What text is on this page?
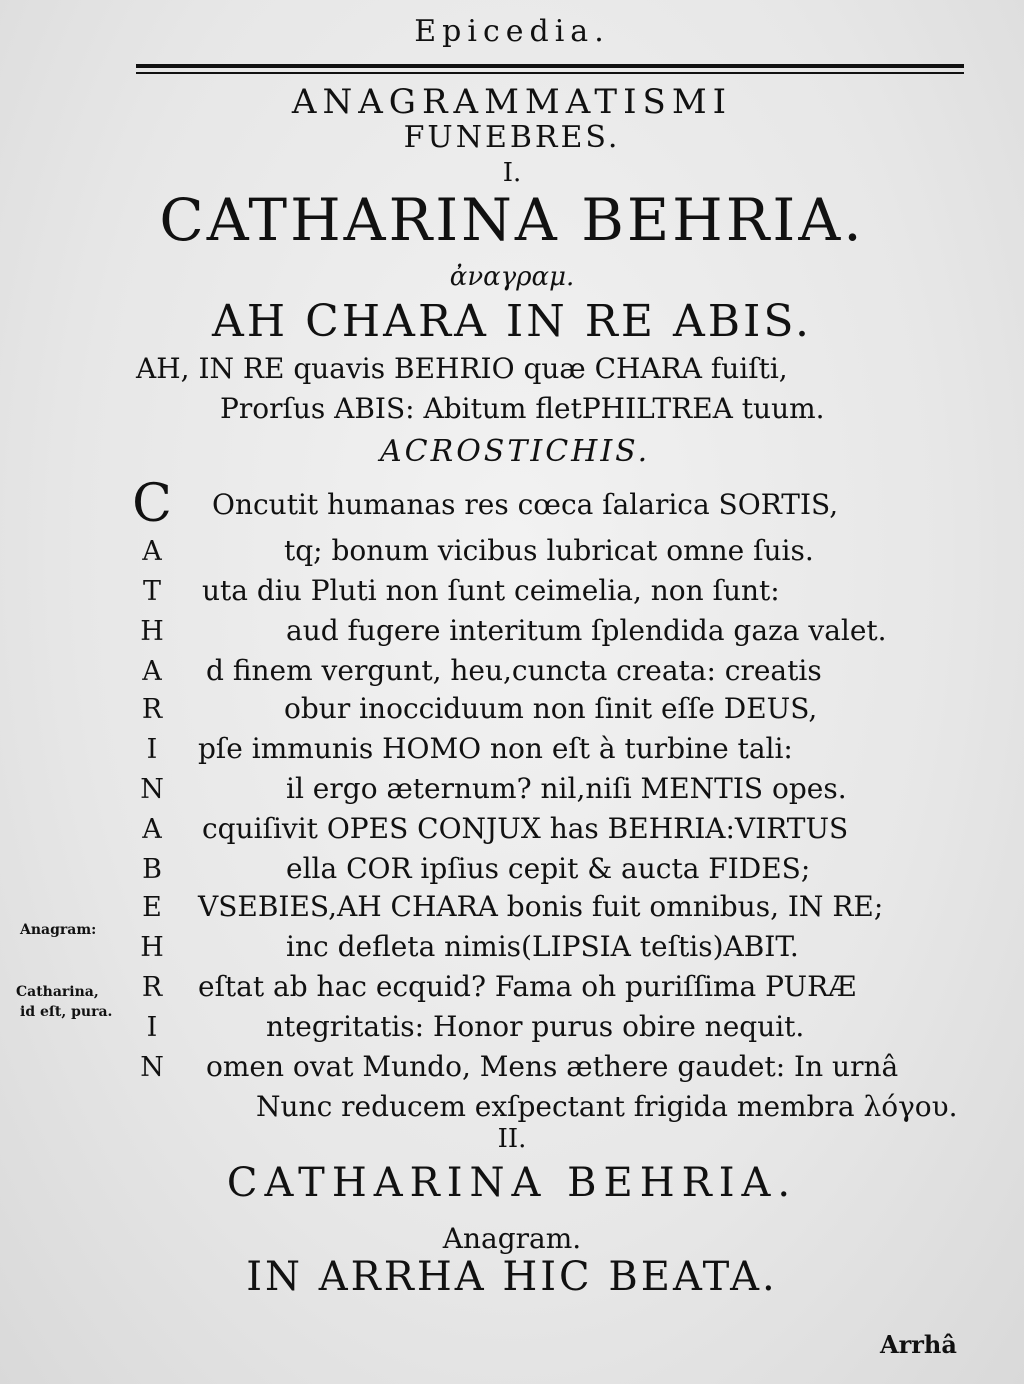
Epicedia.
ANAGRAMMATISMI
FUNEBRES.
I.
CATHARINA BEHRIA.
ἀναγραμ.
AH CHARA IN RE ABIS.
AH, IN RE quavis BEHRIO quæ CHARA fuiſti,
Prorſus ABIS: Abitum fletPHILTREA tuum.
ACROSTICHIS.
C
A
T
H
A
R
I
N
A
B
E
H
R
I
N
Oncutit humanas res cœca ſalarica SORTIS,
tq; bonum vicibus lubricat omne ſuis.
uta diu Pluti non ſunt ceimelia, non ſunt:
aud fugere interitum ſplendida gaza valet.
d finem vergunt, heu,cuncta creata: creatis
obur inocciduum non ſinit eſſe DEUS,
pſe immunis HOMO non eſt à turbine tali:
il ergo æternum? nil,niſi MENTIS opes.
cquiſivit OPES CONJUX has BEHRIA:VIRTUS
ella COR ipſius cepit & aucta FIDES;
VSEBIES,AH CHARA bonis fuit omnibus, IN RE;
inc defleta nimis(LIPSIA teſtis)ABIT.
eſtat ab hac ecquid? Fama oh puriſſima PURÆ
ntegritatis: Honor purus obire nequit.
omen ovat Mundo, Mens æthere gaudet: In urnâ
Nunc reducem exſpectant frigida membra λόγου.
Anagram:
Catharina,
id eſt, pura.
II.
CATHARINA BEHRIA.
Anagram.
IN ARRHA HIC BEATA.
Arrhâ
